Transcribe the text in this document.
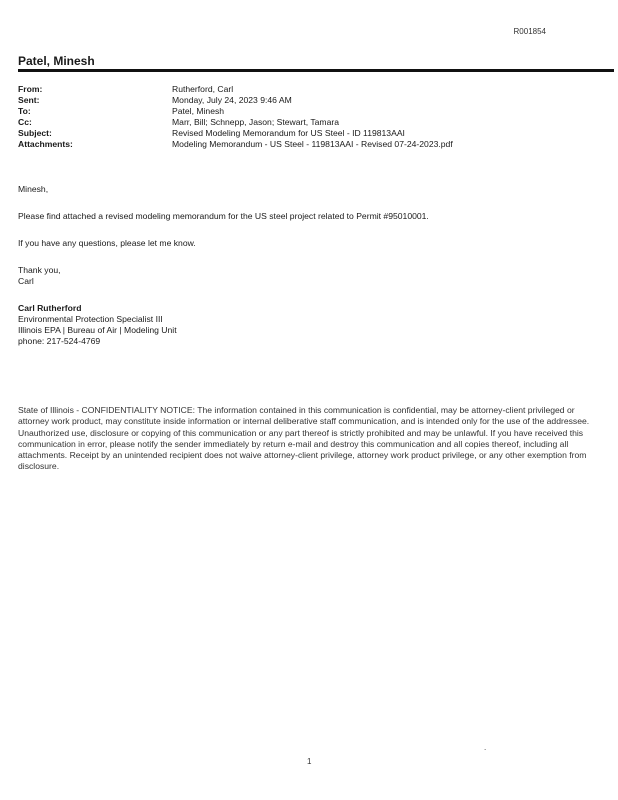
R001854
Patel, Minesh
From:	Rutherford, Carl
Sent:	Monday, July 24, 2023 9:46 AM
To:	Patel, Minesh
Cc:	Marr, Bill; Schnepp, Jason; Stewart, Tamara
Subject:	Revised Modeling Memorandum for US Steel - ID 119813AAI
Attachments:	Modeling Memorandum - US Steel - 119813AAI - Revised 07-24-2023.pdf

Minesh,

Please find attached a revised modeling memorandum for the US steel project related to Permit #95010001.

If you have any questions, please let me know.

Thank you,

Carl

Carl Rutherford

Environmental Protection Specialist III

Illinois EPA | Bureau of Air | Modeling Unit

phone: 217-524-4769

State of Illinois - CONFIDENTIALITY NOTICE: The information contained in this communication is confidential, may be attorney-client privileged or attorney work product, may constitute inside information or internal deliberative staff communication, and is intended only for the use of the addressee. Unauthorized use, disclosure or copying of this communication or any part thereof is strictly prohibited and may be unlawful. If you have received this communication in error, please notify the sender immediately by return e-mail and destroy this communication and all copies thereof, including all attachments. Receipt by an unintended recipient does not waive attorney-client privilege, attorney work product privilege, or any other exemption from disclosure.
.
1
